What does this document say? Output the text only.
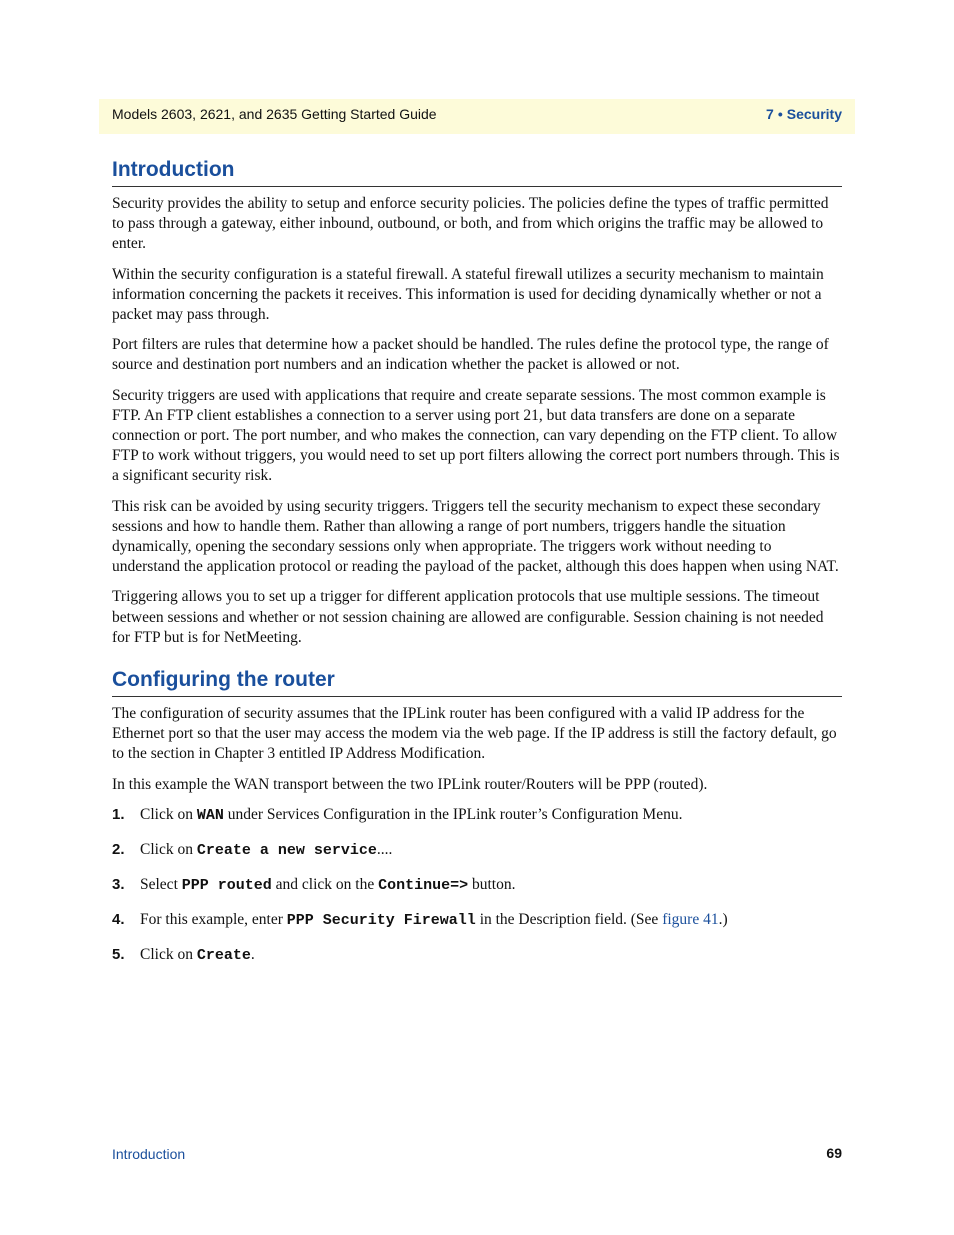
Models 2603, 2621, and 2635 Getting Started Guide	7 • Security
Introduction

Security provides the ability to setup and enforce security policies. The policies define the types of traffic permitted to pass through a gateway, either inbound, outbound, or both, and from which origins the traffic may be allowed to enter.

Within the security configuration is a stateful firewall. A stateful firewall utilizes a security mechanism to maintain information concerning the packets it receives. This information is used for deciding dynamically whether or not a packet may pass through.

Port filters are rules that determine how a packet should be handled. The rules define the protocol type, the range of source and destination port numbers and an indication whether the packet is allowed or not.

Security triggers are used with applications that require and create separate sessions. The most common example is FTP. An FTP client establishes a connection to a server using port 21, but data transfers are done on a separate connection or port. The port number, and who makes the connection, can vary depending on the FTP client. To allow FTP to work without triggers, you would need to set up port filters allowing the correct port numbers through. This is a significant security risk.

This risk can be avoided by using security triggers. Triggers tell the security mechanism to expect these secondary sessions and how to handle them. Rather than allowing a range of port numbers, triggers handle the situation dynamically, opening the secondary sessions only when appropriate. The triggers work without needing to understand the application protocol or reading the payload of the packet, although this does happen when using NAT.

Triggering allows you to set up a trigger for different application protocols that use multiple sessions. The timeout between sessions and whether or not session chaining are allowed are configurable. Session chaining is not needed for FTP but is for NetMeeting.

Configuring the router

The configuration of security assumes that the IPLink router has been configured with a valid IP address for the Ethernet port so that the user may access the modem via the web page. If the IP address is still the factory default, go to the section in Chapter 3 entitled IP Address Modification.

In this example the WAN transport between the two IPLink router/Routers will be PPP (routed).

1. Click on WAN under Services Configuration in the IPLink router’s Configuration Menu.
2. Click on Create a new service....
3. Select PPP routed and click on the Continue=> button.
4. For this example, enter PPP Security Firewall in the Description field. (See figure 41.)
5. Click on Create.
Introduction	69
